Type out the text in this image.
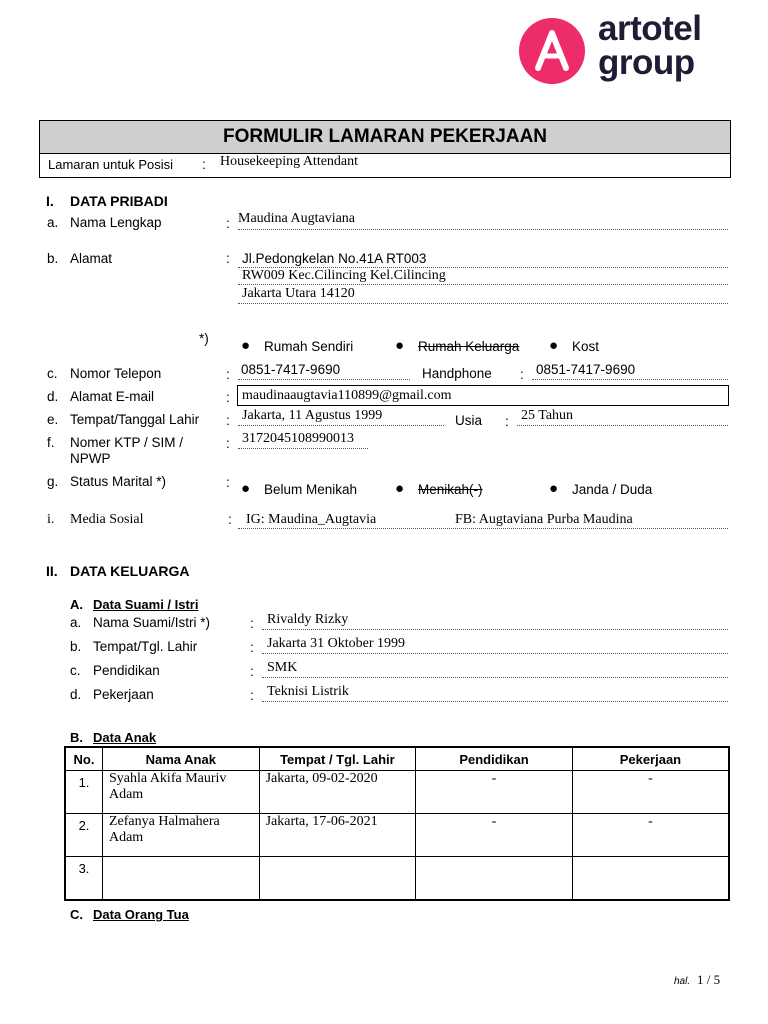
artotel
group
FORMULIR LAMARAN PEKERJAAN
Lamaran untuk Posisi : Housekeeping Attendant
I. DATA PRIBADI
a. Nama Lengkap	: Maudina Augtaviana
b. Alamat	: Jl.Pedongkelan No.41A RT003
RW009 Kec.Cilincing Kel.Cilincing
Jakarta Utara 14120
*) ● Rumah Sendiri	● Rumah Keluarga ● Kost
c. Nomor Telepon	: 0851-7417-9690	Handphone : 0851-7417-9690
d. Alamat E-mail	: maudinaaugtavia110899@gmail.com
e. Tempat/Tanggal Lahir : Jakarta, 11 Agustus 1999	Usia : 25 Tahun
f. Nomer KTP / SIM /
NPWP
: 3172045108990013
g. Status Marital *)	: ● Belum Menikah	● Menikah(-)	● Janda / Duda
i. Media Sosial	: IG: Maudina_Augtavia	FB: Augtaviana Purba Maudina
II. DATA KELUARGA
A. Data Suami / Istri
a. Nama Suami/Istri *)	: Rivaldy Rizky
b. Tempat/Tgl. Lahir	: Jakarta 31 Oktober 1999
c. Pendidikan	: SMK
d. Pekerjaan	: Teknisi Listrik
B. Data Anak
No.	Nama Anak	Tempat / Tgl. Lahir	Pendidikan	Pekerjaan
1.	Syahla Akifa Mauriv Adam	Jakarta, 09-02-2020	-	-
2.	Zefanya Halmahera Adam	Jakarta, 17-06-2021	-	-
3.				
C. Data Orang Tua
hal. 1 / 5
